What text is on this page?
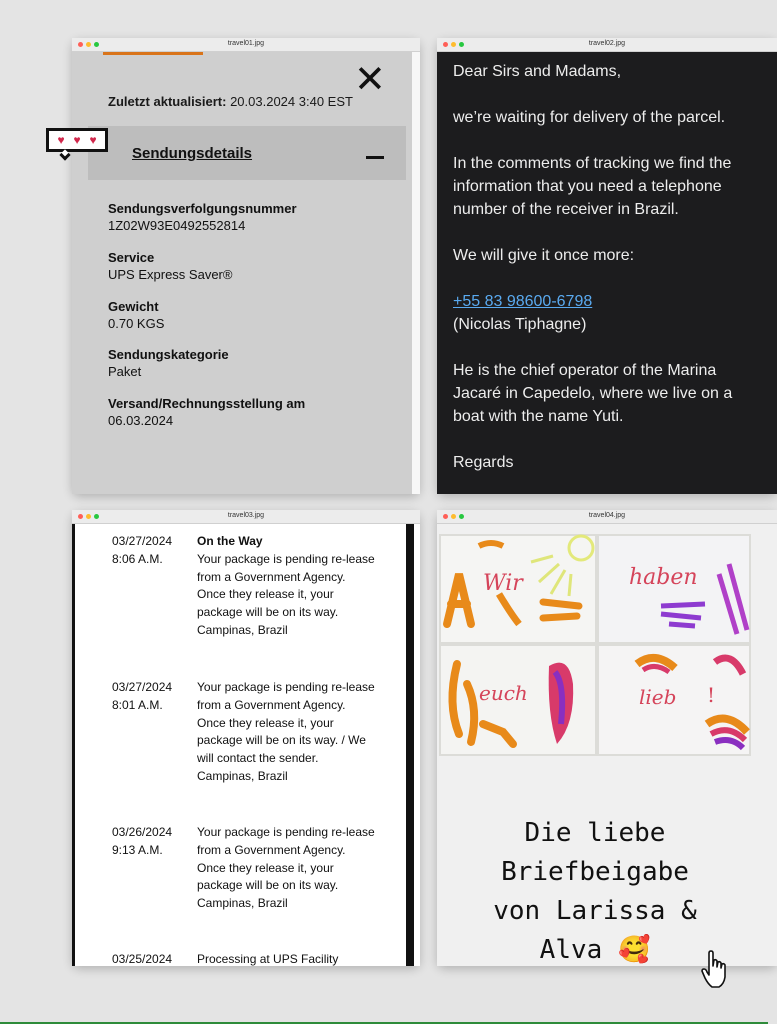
travel01.jpg
✕
Zuletzt aktualisiert: 20.03.2024 3:40 EST
Sendungsdetails
♥ ♥ ♥
Sendungsverfolgungsnummer
1Z02W93E0492552814
Service
UPS Express Saver®
Gewicht
0.70 KGS
Sendungskategorie
Paket
Versand/Rechnungsstellung am
06.03.2024
travel02.jpg

Dear Sirs and Madams,

we’re waiting for delivery of the parcel.

In the comments of tracking we find the information that you need a telephone number of the receiver in Brazil.

We will give it once more:

+55 83 98600-6798
(Nicolas Tiphagne)

He is the chief operator of the Marina Jacaré in Capedelo, where we live on a boat with the name Yuti.

Regards

travel03.jpg
03/27/2024
8:06 A.M.
On the Way
Your package is pending re-lease from a Government Agency. Once they release it, your package will be on its way.
Campinas, Brazil
03/27/2024
8:01 A.M.
Your package is pending re-lease from a Government Agency. Once they release it, your package will be on its way. / We will contact the sender.
Campinas, Brazil
03/26/2024
9:13 A.M.
Your package is pending re-lease from a Government Agency. Once they release it, your package will be on its way.
Campinas, Brazil
03/25/2024	Processing at UPS Facility
travel04.jpg
Wir	haben
euch	lieb !
Die liebe
Briefbeigabe
von Larissa &
Alva 🥰
